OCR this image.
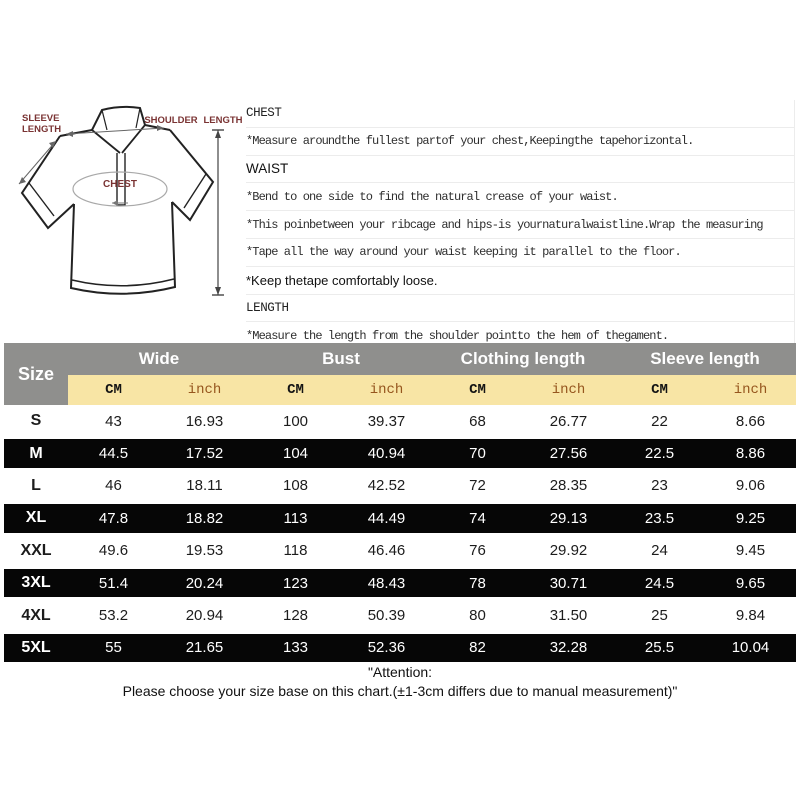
SLEEVE
LENGTH
SHOULDER LENGTH
CHEST
CHEST
*Measure aroundthe fullest partof your chest,Keepingthe tapehorizontal.
WAIST
*Bend to one side to find the natural crease of your waist.
*This poinbetween your ribcage and hips-is yournaturalwaistline.Wrap the measuring
*Tape all the way around your waist keeping it parallel to the floor.
*Keep thetape comfortably loose.
LENGTH
*Measure the length from the shoulder pointto the hem of thegament.
Size
Wide	Bust	Clothing length	Sleeve length
CM	inch	CM	inch	CM	inch	CM	inch
S	43	16.93	100	39.37	68	26.77	22	8.66
M	44.5	17.52	104	40.94	70	27.56	22.5	8.86
L	46	18.11	108	42.52	72	28.35	23	9.06
XL	47.8	18.82	113	44.49	74	29.13	23.5	9.25
XXL	49.6	19.53	118	46.46	76	29.92	24	9.45
3XL	51.4	20.24	123	48.43	78	30.71	24.5	9.65
4XL	53.2	20.94	128	50.39	80	31.50	25	9.84
5XL	55	21.65	133	52.36	82	32.28	25.5	10.04
"Attention:
Please choose your size base on this chart.(±1-3cm differs due to manual measurement)"
